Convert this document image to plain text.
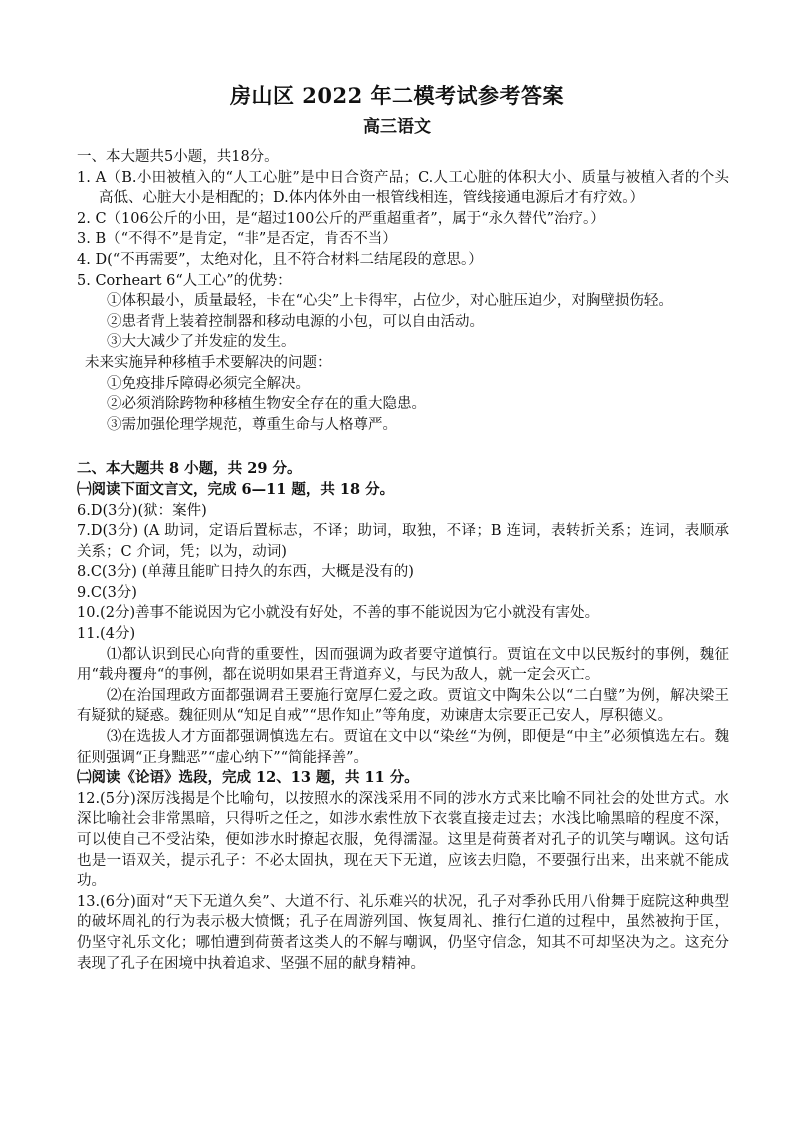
房山区 2022 年二模考试参考答案
高三语文

一、本大题共5小题，共18分。

1. A（B.小田被植入的“人工心脏”是中日合资产品；C.人工心脏的体积大小、质量与被植入者的个头高低、心脏大小是相配的；D.体内体外由一根管线相连，管线接通电源后才有疗效。）

2. C（106公斤的小田，是“超过100公斤的严重超重者”，属于“永久替代”治疗。）

3. B（“不得不”是肯定，“非”是否定，肯否不当）

4. D(“不再需要”，太绝对化，且不符合材料二结尾段的意思。）

5. Corheart 6“人工心”的优势：

①体积最小，质量最轻，卡在“心尖”上卡得牢，占位少，对心脏压迫少，对胸壁损伤轻。

②患者背上装着控制器和移动电源的小包，可以自由活动。

③大大减少了并发症的发生。

未来实施异种移植手术要解决的问题：

①免疫排斥障碍必须完全解决。

②必须消除跨物种移植生物安全存在的重大隐患。

③需加强伦理学规范，尊重生命与人格尊严。

二、本大题共 8 小题，共 29 分。

㈠阅读下面文言文，完成 6—11 题，共 18 分。

6.D(3分)(狱：案件)

7.D(3分) (A 助词，定语后置标志，不译；助词，取独，不译；B 连词，表转折关系；连词，表顺承关系；C 介词，凭；以为，动词)

8.C(3分) (单薄且能旷日持久的东西，大概是没有的)

9.C(3分)

10.(2分)善事不能说因为它小就没有好处，不善的事不能说因为它小就没有害处。

11.(4分)

⑴都认识到民心向背的重要性，因而强调为政者要守道慎行。贾谊在文中以民叛纣的事例，魏征用“载舟覆舟“的事例，都在说明如果君王背道弃义，与民为敌人，就一定会灭亡。

⑵在治国理政方面都强调君王要施行宽厚仁爱之政。贾谊文中陶朱公以“二白璧”为例，解决梁王有疑狱的疑惑。魏征则从“知足自戒”“思作知止”等角度，劝谏唐太宗要正己安人，厚积德义。

⑶在选拔人才方面都强调慎选左右。贾谊在文中以“染丝“为例，即便是“中主”必须慎选左右。魏征则强调“正身黜恶”“虚心纳下”“简能择善”。

㈡阅读《论语》选段，完成 12、13 题，共 11 分。

12.(5分)深厉浅揭是个比喻句，以按照水的深浅采用不同的涉水方式来比喻不同社会的处世方式。水深比喻社会非常黑暗，只得听之任之，如涉水索性放下衣裳直接走过去；水浅比喻黑暗的程度不深，可以使自己不受沾染，便如涉水时撩起衣服，免得濡湿。这里是荷蒉者对孔子的讥笑与嘲讽。这句话也是一语双关，提示孔子：不必太固执，现在天下无道，应该去归隐，不要强行出来，出来就不能成功。

13.(6分)面对“天下无道久矣”、大道不行、礼乐难兴的状况，孔子对季孙氏用八佾舞于庭院这种典型的破坏周礼的行为表示极大愤慨；孔子在周游列国、恢复周礼、推行仁道的过程中，虽然被拘于匡，仍坚守礼乐文化；哪怕遭到荷蒉者这类人的不解与嘲讽，仍坚守信念，知其不可却坚决为之。这充分表现了孔子在困境中执着追求、坚强不屈的献身精神。
